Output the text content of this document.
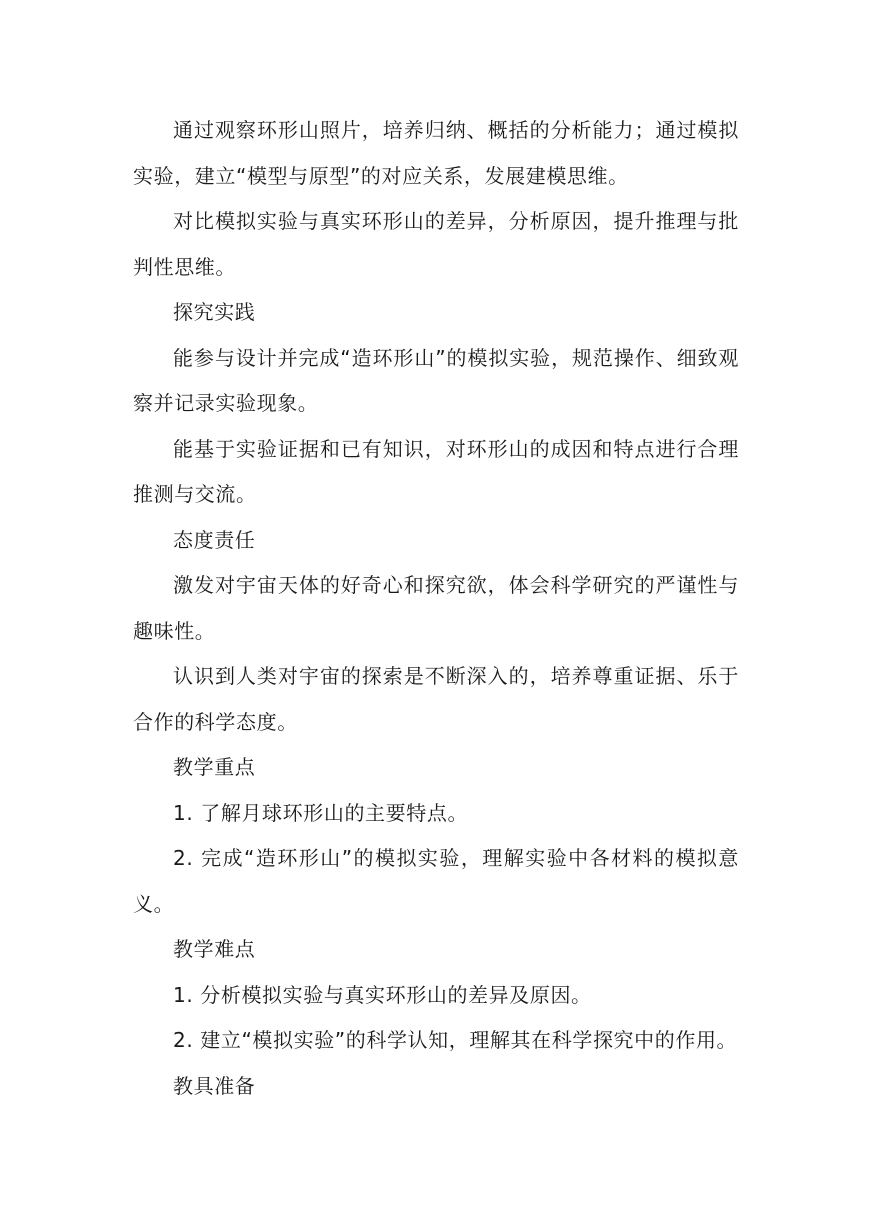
通过观察环形山照片，培养归纳、概括的分析能力；通过模拟实验，建立“模型与原型”的对应关系，发展建模思维。

对比模拟实验与真实环形山的差异，分析原因，提升推理与批判性思维。

探究实践

能参与设计并完成“造环形山”的模拟实验，规范操作、细致观察并记录实验现象。

能基于实验证据和已有知识，对环形山的成因和特点进行合理推测与交流。

态度责任

激发对宇宙天体的好奇心和探究欲，体会科学研究的严谨性与趣味性。

认识到人类对宇宙的探索是不断深入的，培养尊重证据、乐于合作的科学态度。

教学重点

1. 了解月球环形山的主要特点。

2. 完成“造环形山”的模拟实验，理解实验中各材料的模拟意义。

教学难点

1. 分析模拟实验与真实环形山的差异及原因。

2. 建立“模拟实验”的科学认知，理解其在科学探究中的作用。

教具准备
